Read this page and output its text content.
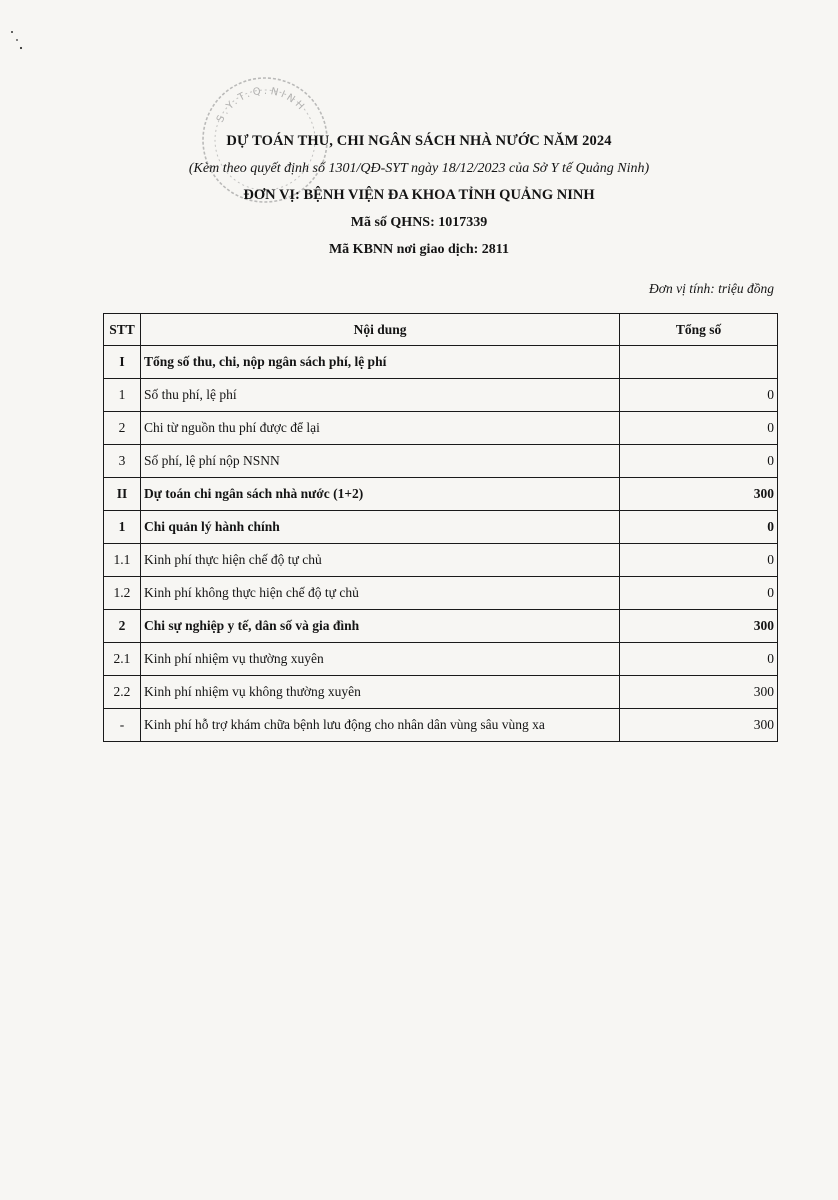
S.Y.T.Q.NINH
DỰ TOÁN THU, CHI NGÂN SÁCH NHÀ NƯỚC NĂM 2024
(Kèm theo quyết định số 1301/QĐ-SYT ngày 18/12/2023 của Sở Y tế Quảng Ninh)
ĐƠN VỊ: BỆNH VIỆN ĐA KHOA TỈNH QUẢNG NINH
Mã số QHNS: 1017339
Mã KBNN nơi giao dịch: 2811
Đơn vị tính: triệu đồng
STT	Nội dung	Tổng số
I	Tổng số thu, chi, nộp ngân sách phí, lệ phí	
1	Số thu phí, lệ phí	0
2	Chi từ nguồn thu phí được để lại	0
3	Số phí, lệ phí nộp NSNN	0
II	Dự toán chi ngân sách nhà nước (1+2)	300
1	Chi quản lý hành chính	0
1.1	Kinh phí thực hiện chế độ tự chủ	0
1.2	Kinh phí không thực hiện chế độ tự chủ	0
2	Chi sự nghiệp y tế, dân số và gia đình	300
2.1	Kinh phí nhiệm vụ thường xuyên	0
2.2	Kinh phí nhiệm vụ không thường xuyên	300
-	Kinh phí hỗ trợ khám chữa bệnh lưu động cho nhân dân vùng sâu vùng xa	300
